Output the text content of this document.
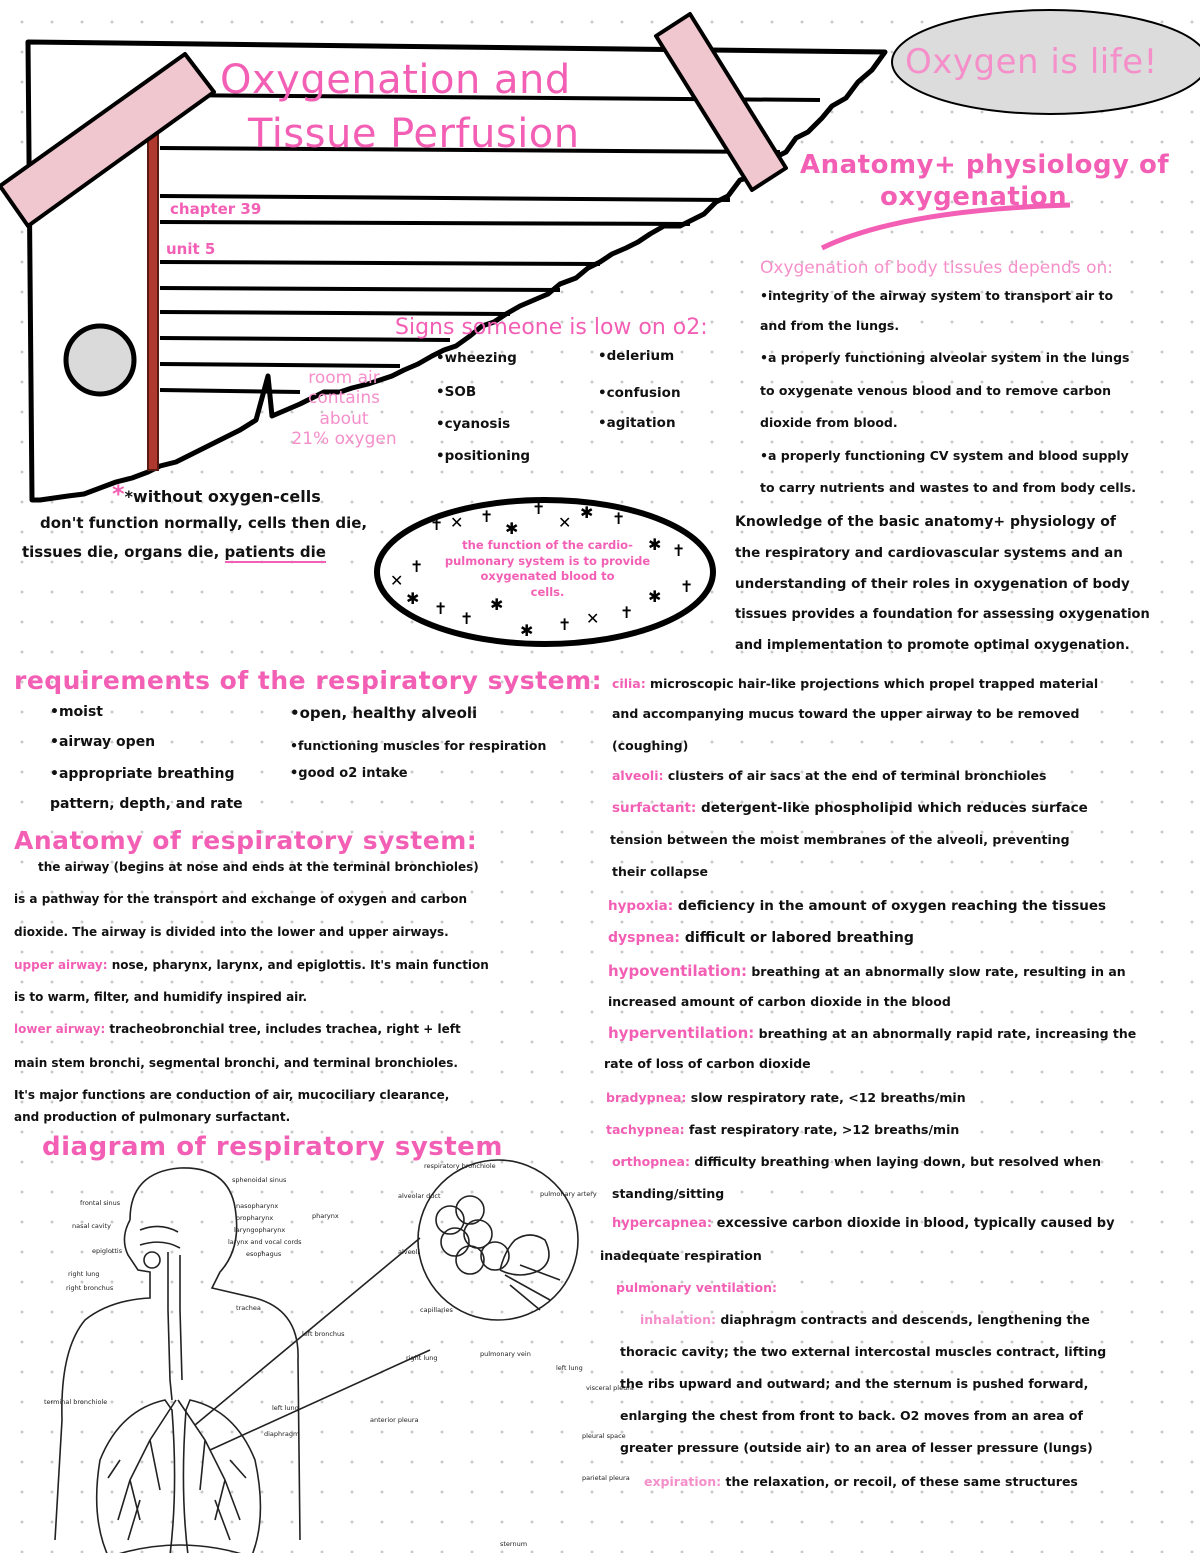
Oxygenation and
Tissue Perfusion
chapter 39
unit 5
Oxygen is life!
Anatomy+ physiology of
oxygenation
Oxygenation of body tissues depends on:
•integrity of the airway system to transport air to
and from the lungs.
•a properly functioning alveolar system in the lungs
to oxygenate venous blood and to remove carbon
dioxide from blood.
•a properly functioning CV system and blood supply
to carry nutrients and wastes to and from body cells.
Knowledge of the basic anatomy+ physiology of
the respiratory and cardiovascular systems and an
understanding of their roles in oxygenation of body
tissues provides a foundation for assessing oxygenation
and implementation to promote optimal oxygenation.
Signs someone is low on o2:
•wheezing
•SOB
•cyanosis
•positioning
•delerium
•confusion
•agitation
room air
contains about
21% oxygen
**without oxygen-cells
don't function normally, cells then die,
tissues die, organs die, patients die
✝ ✕ ✝
✱
✝
✕
✱ ✝
✱ ✝
✝
✕
✱
✝
✝
✱
✱ ✝ ✕ ✝
✱
✝
the function of the cardio-
pulmonary system is to provide
oxygenated blood to
cells.
requirements of the respiratory system:
•moist
•airway open
•appropriate breathing
pattern, depth, and rate
•open, healthy alveoli
•functioning muscles for respiration
•good o2 intake
Anatomy of respiratory system:
the airway (begins at nose and ends at the terminal bronchioles)
is a pathway for the transport and exchange of oxygen and carbon
dioxide. The airway is divided into the lower and upper airways.
upper airway: nose, pharynx, larynx, and epiglottis. It's main function
is to warm, filter, and humidify inspired air.
lower airway: tracheobronchial tree, includes trachea, right + left
main stem bronchi, segmental bronchi, and terminal bronchioles.
It's major functions are conduction of air, mucociliary clearance,
and production of pulmonary surfactant.
cilia: microscopic hair-like projections which propel trapped material
and accompanying mucus toward the upper airway to be removed
(coughing)
alveoli: clusters of air sacs at the end of terminal bronchioles
surfactant: detergent-like phospholipid which reduces surface
tension between the moist membranes of the alveoli, preventing
their collapse
hypoxia: deficiency in the amount of oxygen reaching the tissues
dyspnea: difficult or labored breathing
hypoventilation: breathing at an abnormally slow rate, resulting in an
increased amount of carbon dioxide in the blood
hyperventilation: breathing at an abnormally rapid rate, increasing the
rate of loss of carbon dioxide
bradypnea: slow respiratory rate, <12 breaths/min
tachypnea: fast respiratory rate, >12 breaths/min
orthopnea: difficulty breathing when laying down, but resolved when
standing/sitting
hypercapnea: excessive carbon dioxide in blood, typically caused by
inadequate respiration
pulmonary ventilation:
inhalation: diaphragm contracts and descends, lengthening the
thoracic cavity; the two external intercostal muscles contract, lifting
the ribs upward and outward; and the sternum is pushed forward,
enlarging the chest from front to back. O2 moves from an area of
greater pressure (outside air) to an area of lesser pressure (lungs)
expiration: the relaxation, or recoil, of these same structures
diagram of respiratory system
frontal sinus
nasal cavity
sphenoidal sinus
nasopharynx
oropharynx
laryngopharynx
larynx and vocal cords
esophagus
pharynx
epiglottis
right lung
right bronchus
trachea
left bronchus
terminal bronchiole
left lung
diaphragm
respiratory bronchiole
alveolar duct
alveoli
capillaries
pulmonary artery
pulmonary vein
right lung
left lung
anterior pleura
visceral pleura
pleural space
parietal pleura
sternum
